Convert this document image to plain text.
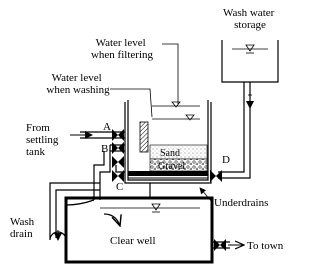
Wash water storage
Sand
Gravel
Water level when filtering
Water level when washing
From settling tank
A
B
C
Wash drain
D
Underdrains
Clear well	To town
